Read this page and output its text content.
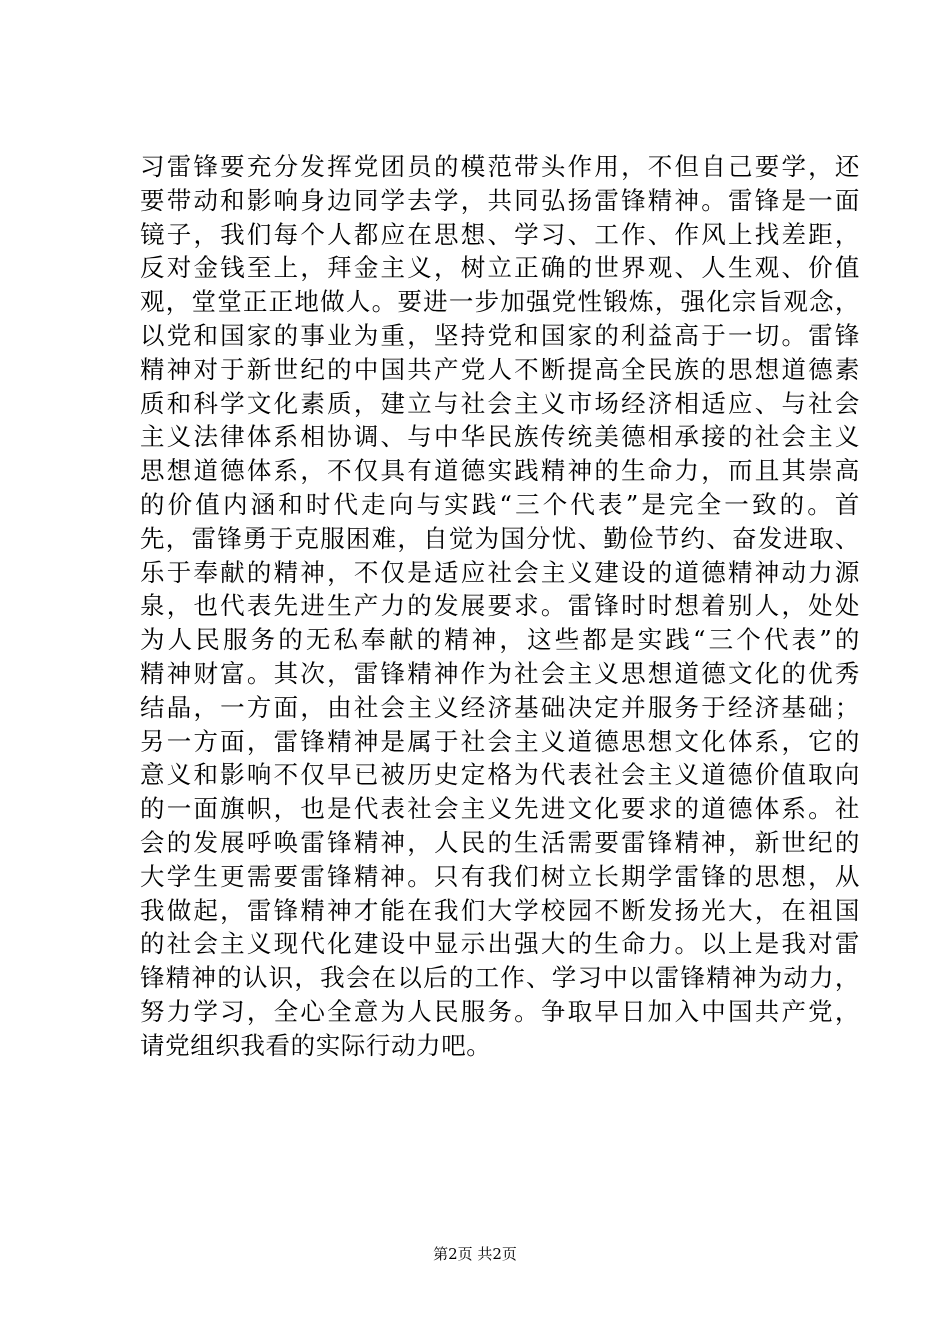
习雷锋要充分发挥党团员的模范带头作用，不但自己要学，还
要带动和影响身边同学去学，共同弘扬雷锋精神。雷锋是一面
镜子，我们每个人都应在思想、学习、工作、作风上找差距，
反对金钱至上，拜金主义，树立正确的世界观、人生观、价值
观，堂堂正正地做人。要进一步加强党性锻炼，强化宗旨观念，
以党和国家的事业为重，坚持党和国家的利益高于一切。雷锋
精神对于新世纪的中国共产党人不断提高全民族的思想道德素
质和科学文化素质，建立与社会主义市场经济相适应、与社会
主义法律体系相协调、与中华民族传统美德相承接的社会主义
思想道德体系，不仅具有道德实践精神的生命力，而且其崇高
的价值内涵和时代走向与实践“三个代表”是完全一致的。首
先，雷锋勇于克服困难，自觉为国分忧、勤俭节约、奋发进取、
乐于奉献的精神，不仅是适应社会主义建设的道德精神动力源
泉，也代表先进生产力的发展要求。雷锋时时想着别人，处处
为人民服务的无私奉献的精神，这些都是实践“三个代表”的
精神财富。其次，雷锋精神作为社会主义思想道德文化的优秀
结晶，一方面，由社会主义经济基础决定并服务于经济基础；
另一方面，雷锋精神是属于社会主义道德思想文化体系，它的
意义和影响不仅早已被历史定格为代表社会主义道德价值取向
的一面旗帜，也是代表社会主义先进文化要求的道德体系。社
会的发展呼唤雷锋精神，人民的生活需要雷锋精神，新世纪的
大学生更需要雷锋精神。只有我们树立长期学雷锋的思想，从
我做起，雷锋精神才能在我们大学校园不断发扬光大，在祖国
的社会主义现代化建设中显示出强大的生命力。以上是我对雷
锋精神的认识，我会在以后的工作、学习中以雷锋精神为动力，
努力学习，全心全意为人民服务。争取早日加入中国共产党，
请党组织我看的实际行动力吧。
第2页 共2页
